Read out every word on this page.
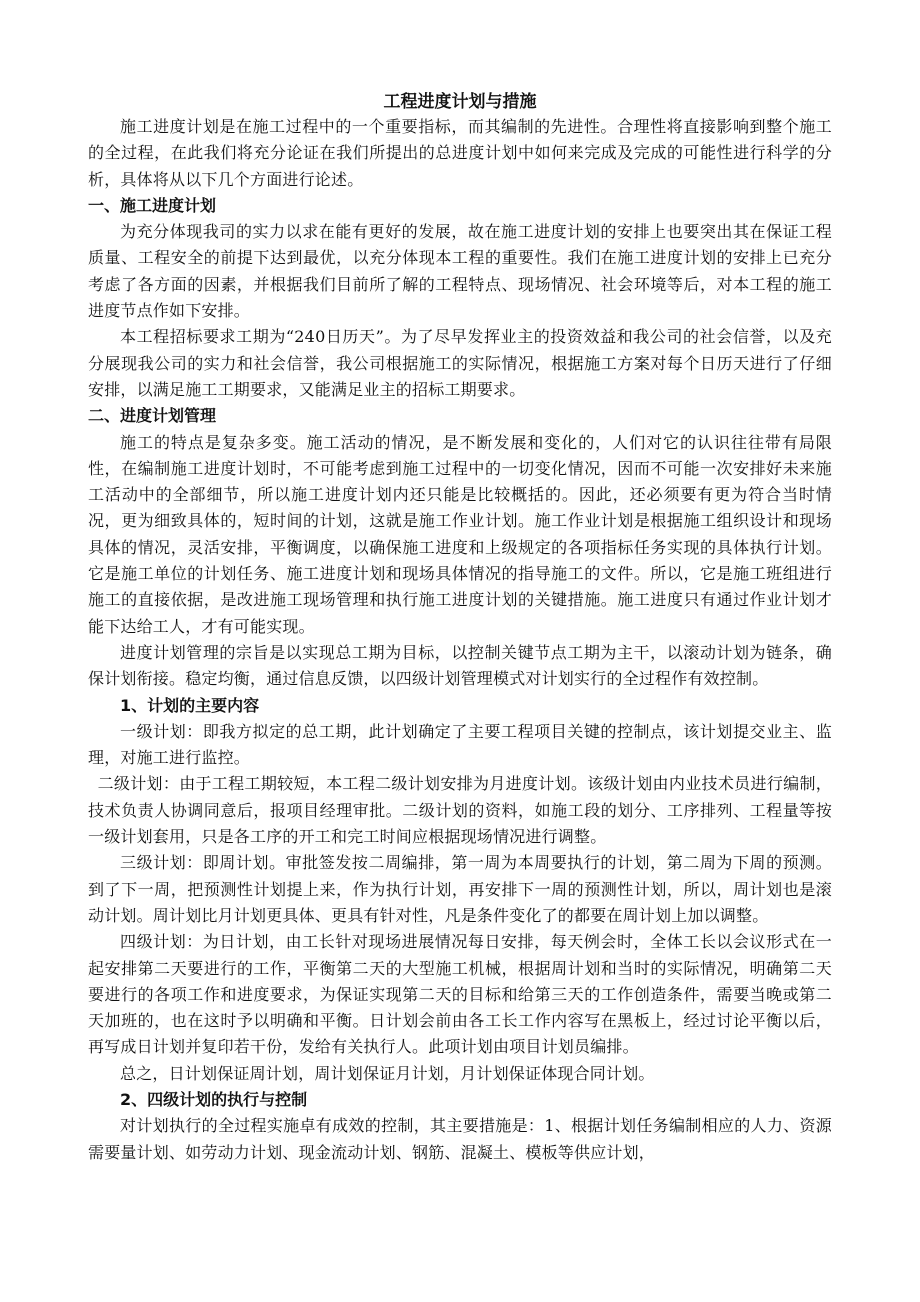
工程进度计划与措施

施工进度计划是在施工过程中的一个重要指标，而其编制的先进性。合理性将直接影响到整个施工的全过程，在此我们将充分论证在我们所提出的总进度计划中如何来完成及完成的可能性进行科学的分析，具体将从以下几个方面进行论述。

一、施工进度计划

为充分体现我司的实力以求在能有更好的发展，故在施工进度计划的安排上也要突出其在保证工程质量、工程安全的前提下达到最优，以充分体现本工程的重要性。我们在施工进度计划的安排上已充分考虑了各方面的因素，并根据我们目前所了解的工程特点、现场情况、社会环境等后，对本工程的施工进度节点作如下安排。

本工程招标要求工期为“240日历天”。为了尽早发挥业主的投资效益和我公司的社会信誉，以及充分展现我公司的实力和社会信誉，我公司根据施工的实际情况，根据施工方案对每个日历天进行了仔细安排，以满足施工工期要求，又能满足业主的招标工期要求。

二、进度计划管理

施工的特点是复杂多变。施工活动的情况，是不断发展和变化的，人们对它的认识往往带有局限性，在编制施工进度计划时，不可能考虑到施工过程中的一切变化情况，因而不可能一次安排好未来施工活动中的全部细节，所以施工进度计划内还只能是比较概括的。因此，还必须要有更为符合当时情况，更为细致具体的，短时间的计划，这就是施工作业计划。施工作业计划是根据施工组织设计和现场具体的情况，灵活安排，平衡调度，以确保施工进度和上级规定的各项指标任务实现的具体执行计划。它是施工单位的计划任务、施工进度计划和现场具体情况的指导施工的文件。所以，它是施工班组进行施工的直接依据，是改进施工现场管理和执行施工进度计划的关键措施。施工进度只有通过作业计划才能下达给工人，才有可能实现。

进度计划管理的宗旨是以实现总工期为目标，以控制关键节点工期为主干，以滚动计划为链条，确保计划衔接。稳定均衡，通过信息反馈，以四级计划管理模式对计划实行的全过程作有效控制。

1、计划的主要内容

一级计划：即我方拟定的总工期，此计划确定了主要工程项目关键的控制点，该计划提交业主、监理，对施工进行监控。

二级计划：由于工程工期较短，本工程二级计划安排为月进度计划。该级计划由内业技术员进行编制，技术负责人协调同意后，报项目经理审批。二级计划的资料，如施工段的划分、工序排列、工程量等按一级计划套用，只是各工序的开工和完工时间应根据现场情况进行调整。

三级计划：即周计划。审批签发按二周编排，第一周为本周要执行的计划，第二周为下周的预测。到了下一周，把预测性计划提上来，作为执行计划，再安排下一周的预测性计划，所以，周计划也是滚动计划。周计划比月计划更具体、更具有针对性，凡是条件变化了的都要在周计划上加以调整。

四级计划：为日计划，由工长针对现场进展情况每日安排，每天例会时，全体工长以会议形式在一起安排第二天要进行的工作，平衡第二天的大型施工机械，根据周计划和当时的实际情况，明确第二天要进行的各项工作和进度要求，为保证实现第二天的目标和给第三天的工作创造条件，需要当晚或第二天加班的，也在这时予以明确和平衡。日计划会前由各工长工作内容写在黑板上，经过讨论平衡以后，再写成日计划并复印若干份，发给有关执行人。此项计划由项目计划员编排。

总之，日计划保证周计划，周计划保证月计划，月计划保证体现合同计划。

2、四级计划的执行与控制

对计划执行的全过程实施卓有成效的控制，其主要措施是：1、根据计划任务编制相应的人力、资源需要量计划、如劳动力计划、现金流动计划、钢筋、混凝土、模板等供应计划，
